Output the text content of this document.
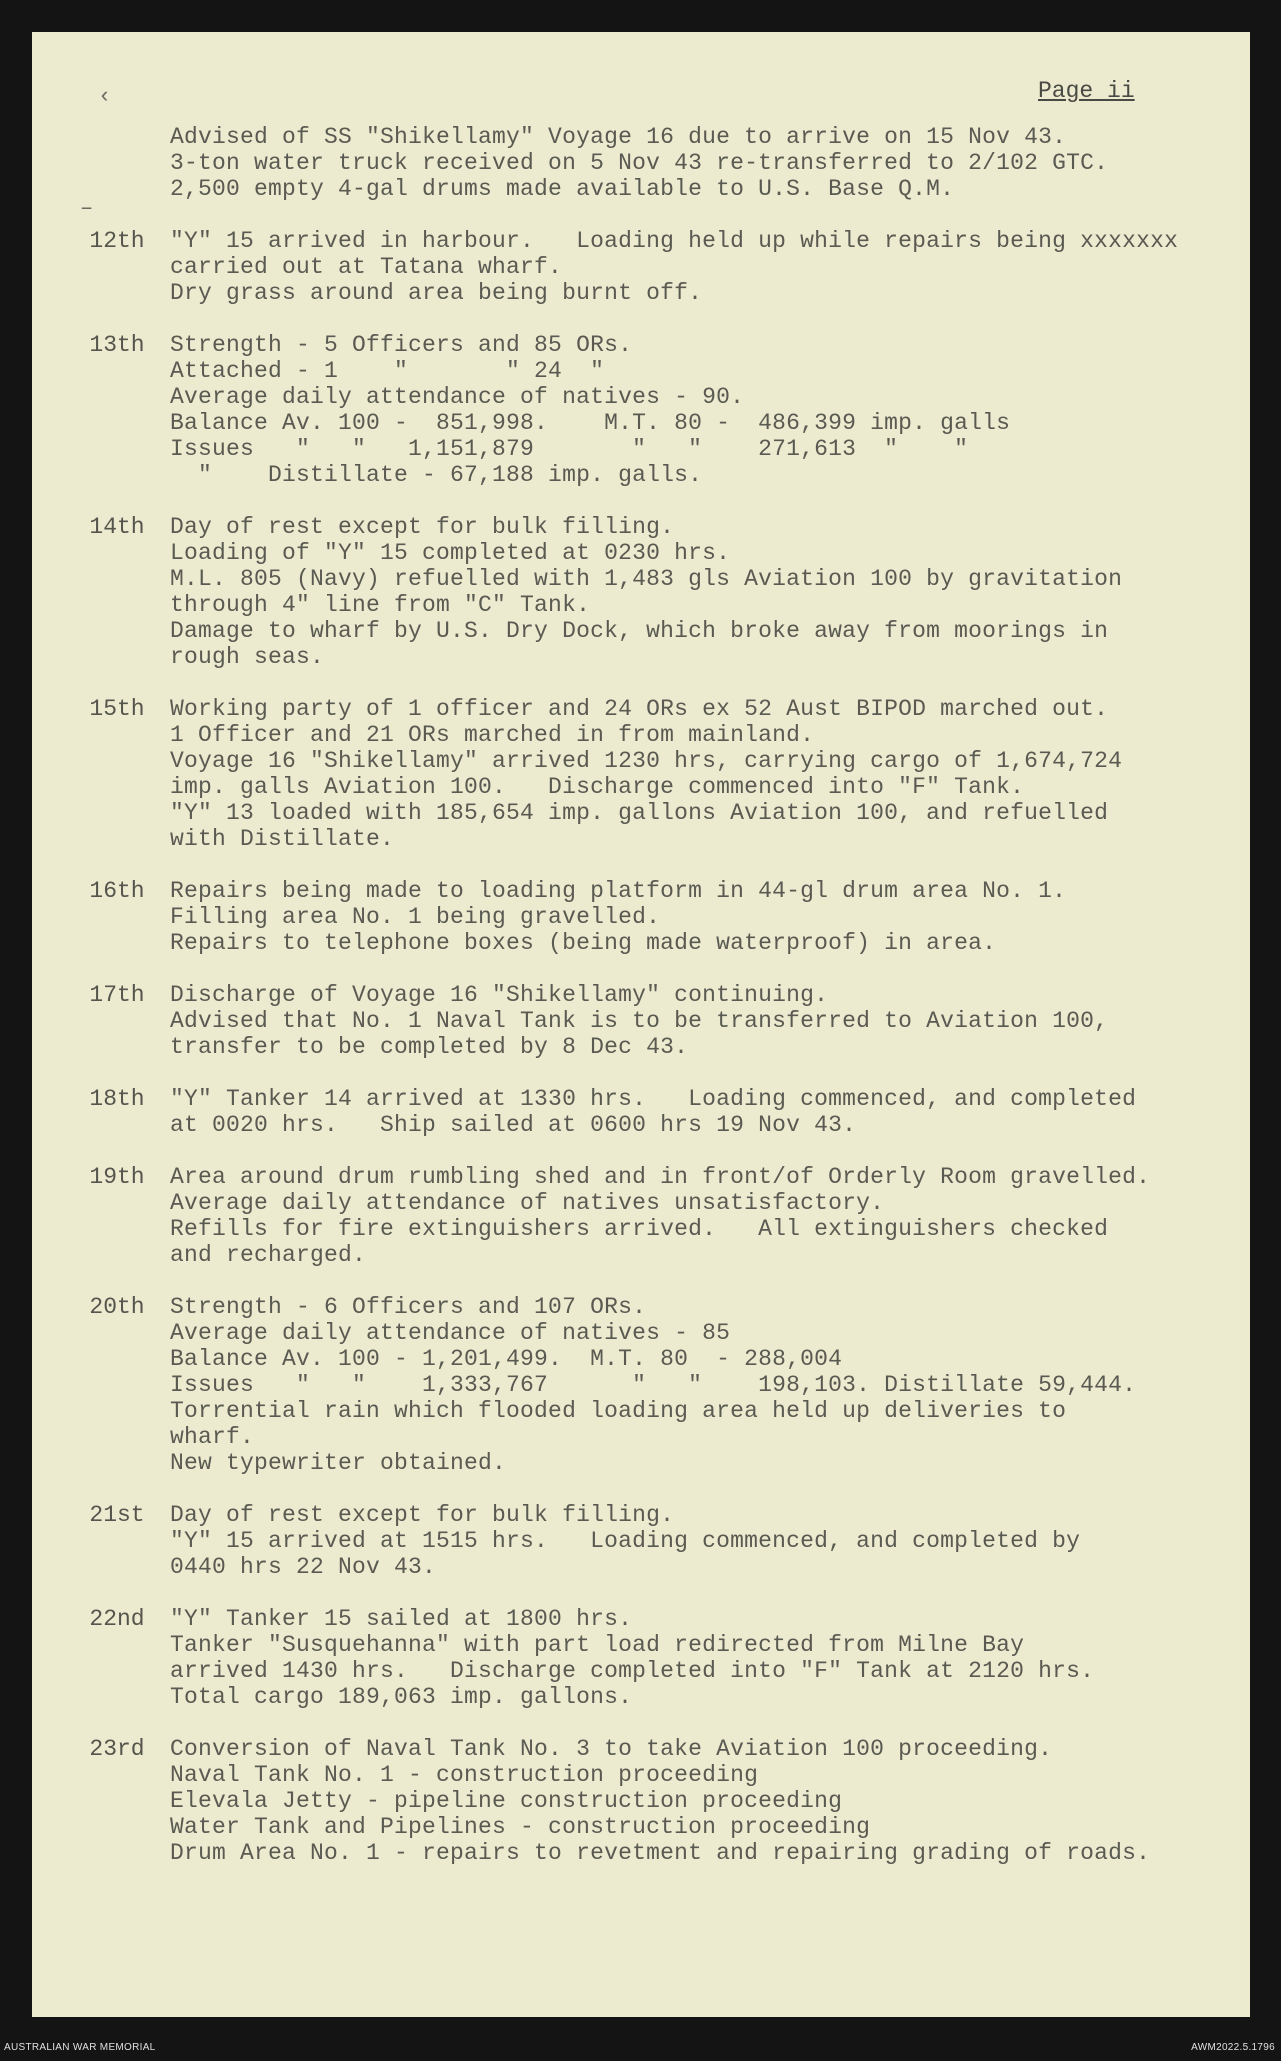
Page ii
‹
–
Advised of SS "Shikellamy" Voyage 16 due to arrive on 15 Nov 43.
3-ton water truck received on 5 Nov 43 re-transferred to 2/102 GTC.
2,500 empty 4-gal drums made available to U.S. Base Q.M.
12th	"Y" 15 arrived in harbour.   Loading held up while repairs being xxxxxxx
carried out at Tatana wharf.
Dry grass around area being burnt off.
13th	Strength - 5 Officers and 85 ORs.
Attached - 1    "       " 24  "
Average daily attendance of natives - 90.
Balance Av. 100 -  851,998.    M.T. 80 -  486,399 imp. galls
Issues   "   "   1,151,879       "   "    271,613  "    "
"    Distillate - 67,188 imp. galls.
14th	Day of rest except for bulk filling.
Loading of "Y" 15 completed at 0230 hrs.
M.L. 805 (Navy) refuelled with 1,483 gls Aviation 100 by gravitation
through 4" line from "C" Tank.
Damage to wharf by U.S. Dry Dock, which broke away from moorings in
rough seas.
15th	Working party of 1 officer and 24 ORs ex 52 Aust BIPOD marched out.
1 Officer and 21 ORs marched in from mainland.
Voyage 16 "Shikellamy" arrived 1230 hrs, carrying cargo of 1,674,724
imp. galls Aviation 100.   Discharge commenced into "F" Tank.
"Y" 13 loaded with 185,654 imp. gallons Aviation 100, and refuelled
with Distillate.
16th	Repairs being made to loading platform in 44-gl drum area No. 1.
Filling area No. 1 being gravelled.
Repairs to telephone boxes (being made waterproof) in area.
17th	Discharge of Voyage 16 "Shikellamy" continuing.
Advised that No. 1 Naval Tank is to be transferred to Aviation 100,
transfer to be completed by 8 Dec 43.
18th	"Y" Tanker 14 arrived at 1330 hrs.   Loading commenced, and completed
at 0020 hrs.   Ship sailed at 0600 hrs 19 Nov 43.
19th	Area around drum rumbling shed and in front/of Orderly Room gravelled.
Average daily attendance of natives unsatisfactory.
Refills for fire extinguishers arrived.   All extinguishers checked
and recharged.
20th	Strength - 6 Officers and 107 ORs.
Average daily attendance of natives - 85
Balance Av. 100 - 1,201,499.  M.T. 80  - 288,004
Issues   "   "    1,333,767      "   "    198,103. Distillate 59,444.
Torrential rain which flooded loading area held up deliveries to
wharf.
New typewriter obtained.
21st	Day of rest except for bulk filling.
"Y" 15 arrived at 1515 hrs.   Loading commenced, and completed by
0440 hrs 22 Nov 43.
22nd	"Y" Tanker 15 sailed at 1800 hrs.
Tanker "Susquehanna" with part load redirected from Milne Bay
arrived 1430 hrs.   Discharge completed into "F" Tank at 2120 hrs.
Total cargo 189,063 imp. gallons.
23rd	Conversion of Naval Tank No. 3 to take Aviation 100 proceeding.
Naval Tank No. 1 - construction proceeding
Elevala Jetty - pipeline construction proceeding
Water Tank and Pipelines - construction proceeding
Drum Area No. 1 - repairs to revetment and repairing grading of roads.
AUSTRALIAN WAR MEMORIAL	AWM2022.5.1796
